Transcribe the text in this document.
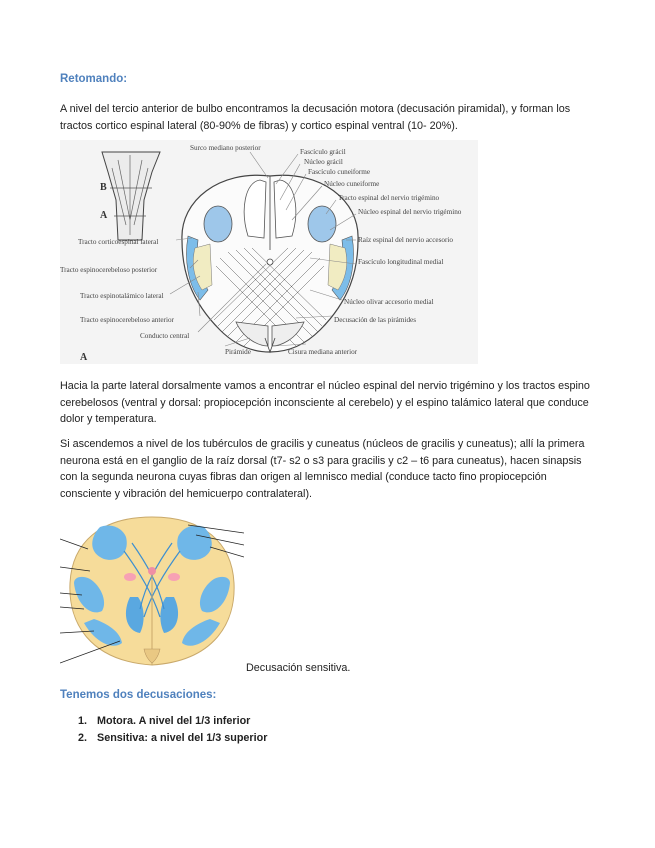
Retomando:

A nivel del tercio anterior de bulbo encontramos la decusación motora (decusación piramidal), y forman los tractos cortico espinal lateral (80-90% de fibras) y cortico espinal ventral (10- 20%).

B
A
A
Surco mediano posterior	Fascículo grácil
Núcleo grácil
Fascículo cuneiforme
Núcleo cuneiforme
Tracto espinal del nervio trigémino
Núcleo espinal del nervio trigémino
Raíz espinal del nervio accesorio
Fascículo longitudinal medial
Núcleo olivar accesorio medial
Decusación de las pirámides
Cisura mediana anterior
Pirámide
Conducto central
Tracto espinocerebeloso anterior
Tracto espinotalámico lateral
Tracto espinocerebeloso posterior
Tracto corticoespinal lateral

Hacia la parte lateral dorsalmente vamos a encontrar el núcleo espinal del nervio trigémino y los tractos espino cerebelosos (ventral y dorsal: propiocepción inconsciente al cerebelo) y el espino talámico lateral que conduce dolor y temperatura.

Si ascendemos a nivel de los tubérculos de gracilis y cuneatus (núcleos de gracilis y cuneatus); allí la primera neurona está en el ganglio de la raíz dorsal (t7- s2 o s3 para gracilis y c2 – t6 para cuneatus), hacen sinapsis con la segunda neurona cuyas fibras dan origen al lemnisco medial (conduce tacto fino propiocepción consciente y vibración del hemicuerpo contralateral).

Decusación sensitiva.
Tenemos dos decusaciones:
1. Motora. A nivel del 1/3 inferior
2. Sensitiva: a nivel del 1/3 superior
